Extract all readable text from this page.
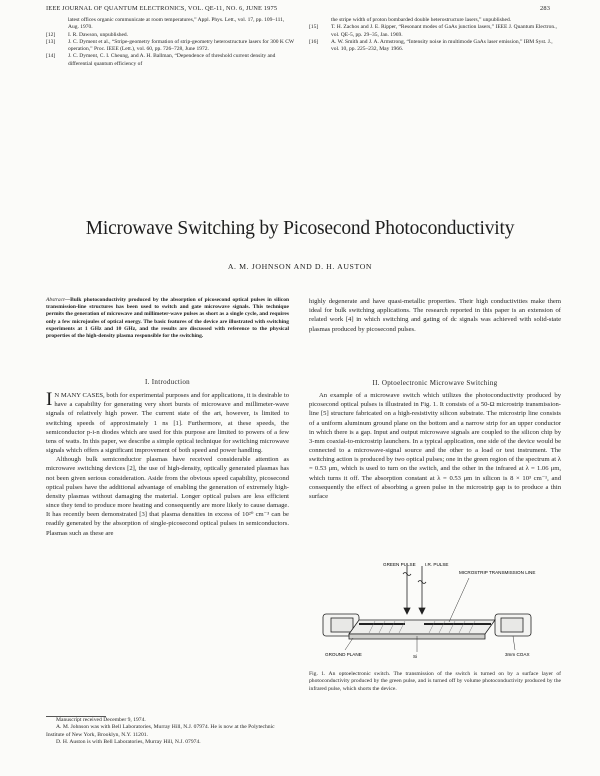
IEEE JOURNAL OF QUANTUM ELECTRONICS, VOL. QE-11, NO. 6, JUNE 1975	283
latest offices organic communicate at room temperatures,” Appl. Phys. Lett., vol. 17, pp. 109–111, Aug. 1970.
[12] I. R. Dawson, unpublished.
[13] J. C. Dyment et al., “Stripe-geometry formation of strip-geometry heterostructure lasers for 300 K CW operation,” Proc. IEEE (Lett.), vol. 60, pp. 726–728, June 1972.
[14] J. C. Dyment, C. I. Cheung, and A. H. Ballman, “Dependence of threshold current density and differential quantum efficiency of
the stripe width of proton bombarded double heterostructure lasers,” unpublished.
[15] T. H. Zachos and J. E. Ripper, “Resonant modes of GaAs junction lasers,” IEEE J. Quantum Electron., vol. QE-5, pp. 29–35, Jan. 1969.
[16] A. W. Smith and J. A. Armstrong, “Intensity noise in multimode GaAs laser emission,” IBM Syst. J., vol. 10, pp. 225–232, May 1966.
Microwave Switching by Picosecond Photoconductivity
A. M. JOHNSON AND D. H. AUSTON
Abstract—Bulk photoconductivity produced by the absorption of picosecond optical pulses in silicon transmission-line structures has been used to switch and gate microwave signals. This technique permits the generation of microwave and millimeter-wave pulses as short as a single cycle, and requires only a few microjoules of optical energy. The basic features of the device are illustrated with switching experiments at 1 GHz and 10 GHz, and the results are discussed with reference to the physical properties of the high-density plasma responsible for the switching.
I. Introduction

I N MANY CASES, both for experimental purposes and for applications, it is desirable to have a capability for generating very short bursts of microwave and millimeter-wave signals of relatively high power. The current state of the art, however, is limited to switching speeds of approximately 1 ns [1]. Furthermore, at these speeds, the semiconductor p-i-n diodes which are used for this purpose are limited to powers of a few tens of watts. In this paper, we describe a simple optical technique for switching microwave signals which offers a significant improvement of both speed and power handling.

Although bulk semiconductor plasmas have received considerable attention as microwave switching devices [2], the use of high-density, optically generated plasmas has not been given serious consideration. Aside from the obvious speed capability, picosecond optical pulses have the additional advantage of enabling the generation of extremely high-density plasmas without damaging the material. Longer optical pulses are less efficient since they tend to produce more heating and consequently are more likely to cause damage. It has recently been demonstrated [3] that plasma densities in excess of 10²⁰ cm⁻³ can be readily generated by the absorption of single-picosecond optical pulses in semiconductors. Plasmas such as these are

Manuscript received December 9, 1974.

A. M. Johnson was with Bell Laboratories, Murray Hill, N.J. 07974. He is now at the Polytechnic Institute of New York, Brooklyn, N.Y. 11201.

D. H. Auston is with Bell Laboratories, Murray Hill, N.J. 07974.

highly degenerate and have quasi-metallic properties. Their high conductivities make them ideal for bulk switching applications. The research reported in this paper is an extension of related work [4] in which switching and gating of dc signals was achieved with solid-state plasmas produced by picosecond pulses.

II. Optoelectronic Microwave Switching

An example of a microwave switch which utilizes the photoconductivity produced by picosecond optical pulses is illustrated in Fig. 1. It consists of a 50-Ω microstrip transmission-line [5] structure fabricated on a high-resistivity silicon substrate. The microstrip line consists of a uniform aluminum ground plane on the bottom and a narrow strip for an upper conductor in which there is a gap. Input and output microwave signals are coupled to the silicon chip by 3-mm coaxial-to-microstrip launchers. In a typical application, one side of the device would be connected to a microwave-signal source and the other to a load or test instrument. The switching action is produced by two optical pulses; one in the green region of the spectrum at λ = 0.53 μm, which is used to turn on the switch, and the other in the infrared at λ = 1.06 μm, which turns it off. The absorption constant at λ = 0.53 μm in silicon is 8 × 10³ cm⁻¹, and consequently the effect of absorbing a green pulse in the microstrip gap is to produce a thin surface

GREEN PULSE I.R. PULSE
MICROSTRIP TRANSMISSION LINE
Si
GROUND PLANE	3mm COAX
Fig. 1. An optoelectronic switch. The transmission of the switch is turned on by a surface layer of photoconductivity produced by the green pulse, and is turned off by volume photoconductivity produced by the infrared pulse, which shorts the device.
